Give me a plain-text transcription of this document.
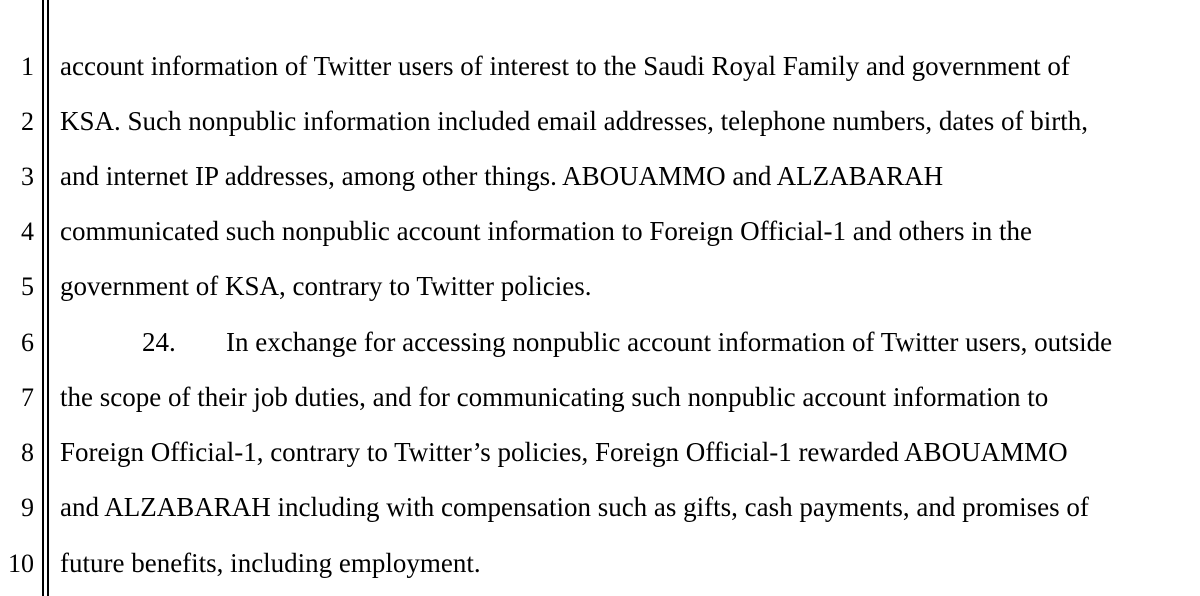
1 account information of Twitter users of interest to the Saudi Royal Family and government of
2 KSA. Such nonpublic information included email addresses, telephone numbers, dates of birth,
3 and internet IP addresses, among other things. ABOUAMMO and ALZABARAH
4 communicated such nonpublic account information to Foreign Official-1 and others in the
5 government of KSA, contrary to Twitter policies.
6	24. In exchange for accessing nonpublic account information of Twitter users, outside
7 the scope of their job duties, and for communicating such nonpublic account information to
8 Foreign Official-1, contrary to Twitter’s policies, Foreign Official-1 rewarded ABOUAMMO
9 and ALZABARAH including with compensation such as gifts, cash payments, and promises of
10 future benefits, including employment.
